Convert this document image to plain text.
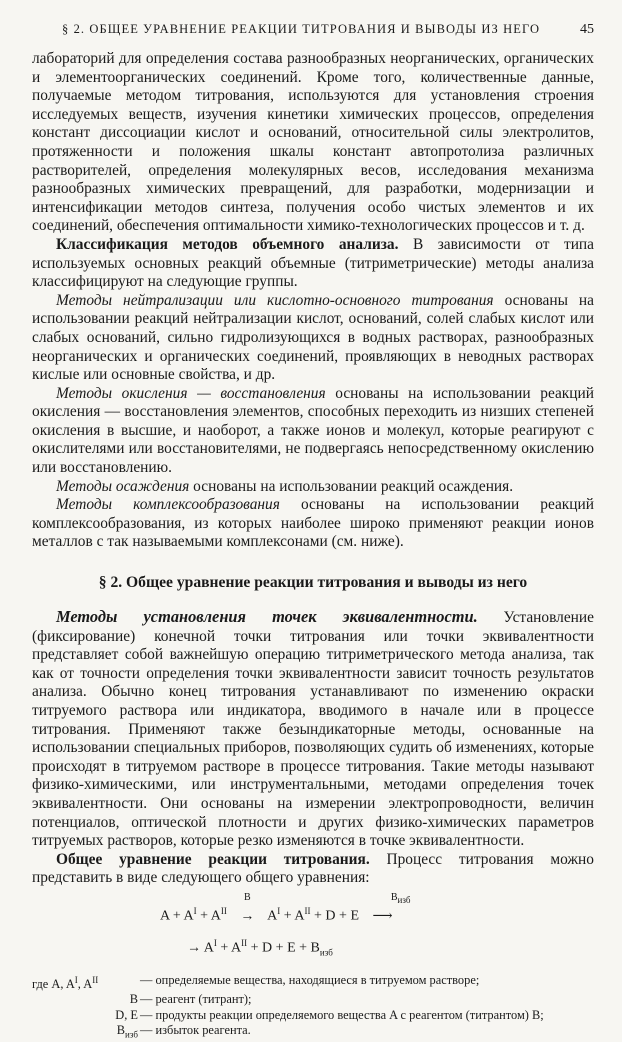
§ 2. ОБЩЕЕ УРАВНЕНИЕ РЕАКЦИИ ТИТРОВАНИЯ И ВЫВОДЫ ИЗ НЕГО	45

лабораторий для определения состава разнообразных неорганических, органических и элементоорганических соединений. Кроме того, количественные данные, получаемые методом титрования, используются для установления строения исследуемых веществ, изучения кинетики химических процессов, определения констант диссоциации кислот и оснований, относительной силы электролитов, протяженности и положения шкалы констант автопротолиза различных растворителей, определения молекулярных весов, исследования механизма разнообразных химических превращений, для разработки, модернизации и интенсификации методов синтеза, получения особо чистых элементов и их соединений, обеспечения оптимальности химико-технологических процессов и т. д.

Классификация методов объемного анализа. В зависимости от типа используемых основных реакций объемные (титриметрические) методы анализа классифицируют на следующие группы.

Методы нейтрализации или кислотно-основного титрования основаны на использовании реакций нейтрализации кислот, оснований, солей слабых кислот или слабых оснований, сильно гидролизующихся в водных растворах, разнообразных неорганических и органических соединений, проявляющих в неводных растворах кислые или основные свойства, и др.

Методы окисления — восстановления основаны на использовании реакций окисления — восстановления элементов, способных переходить из низших степеней окисления в высшие, и наоборот, а также ионов и молекул, которые реагируют с окислителями или восстановителями, не подвергаясь непосредственному окислению или восстановлению.

Методы осаждения основаны на использовании реакций осаждения.

Методы комплексообразования основаны на использовании реакций комплексообразования, из которых наиболее широко применяют реакции ионов металлов с так называемыми комплексонами (см. ниже).

§ 2. Общее уравнение реакции титрования и выводы из него

Методы установления точек эквивалентности. Установление (фиксирование) конечной точки титрования или точки эквивалентности представляет собой важнейшую операцию титриметрического метода анализа, так как от точности определения точки эквивалентности зависит точность результатов анализа. Обычно конец титрования устанавливают по изменению окраски титруемого раствора или индикатора, вводимого в начале или в процессе титрования. Применяют также безындикаторные методы, основанные на использовании специальных приборов, позволяющих судить об изменениях, которые происходят в титруемом растворе в процессе титрования. Такие методы называют физико-химическими, или инструментальными, методами определения точек эквивалентности. Они основаны на измерении электропроводности, величин потенциалов, оптической плотности и других физико-химических параметров титруемых растворов, которые резко изменяются в точке эквивалентности.

Общее уравнение реакции титрования. Процесс титрования можно представить в виде следующего общего уравнения:

$A + A^I + A^{II}$
B
→ $A^I + A^{II} + D + E$
$B_{изб}$
⟶
→ $A^I + A^{II} + D + E + B_{изб}$
где A, $A^I$, $A^{II}$	— определяемые вещества, находящиеся в титруемом растворе;
B — реагент (титрант);
D, E — продукты реакции определяемого вещества A с реагентом (титрантом) B;
$B_{изб}$ — избыток реагента.
